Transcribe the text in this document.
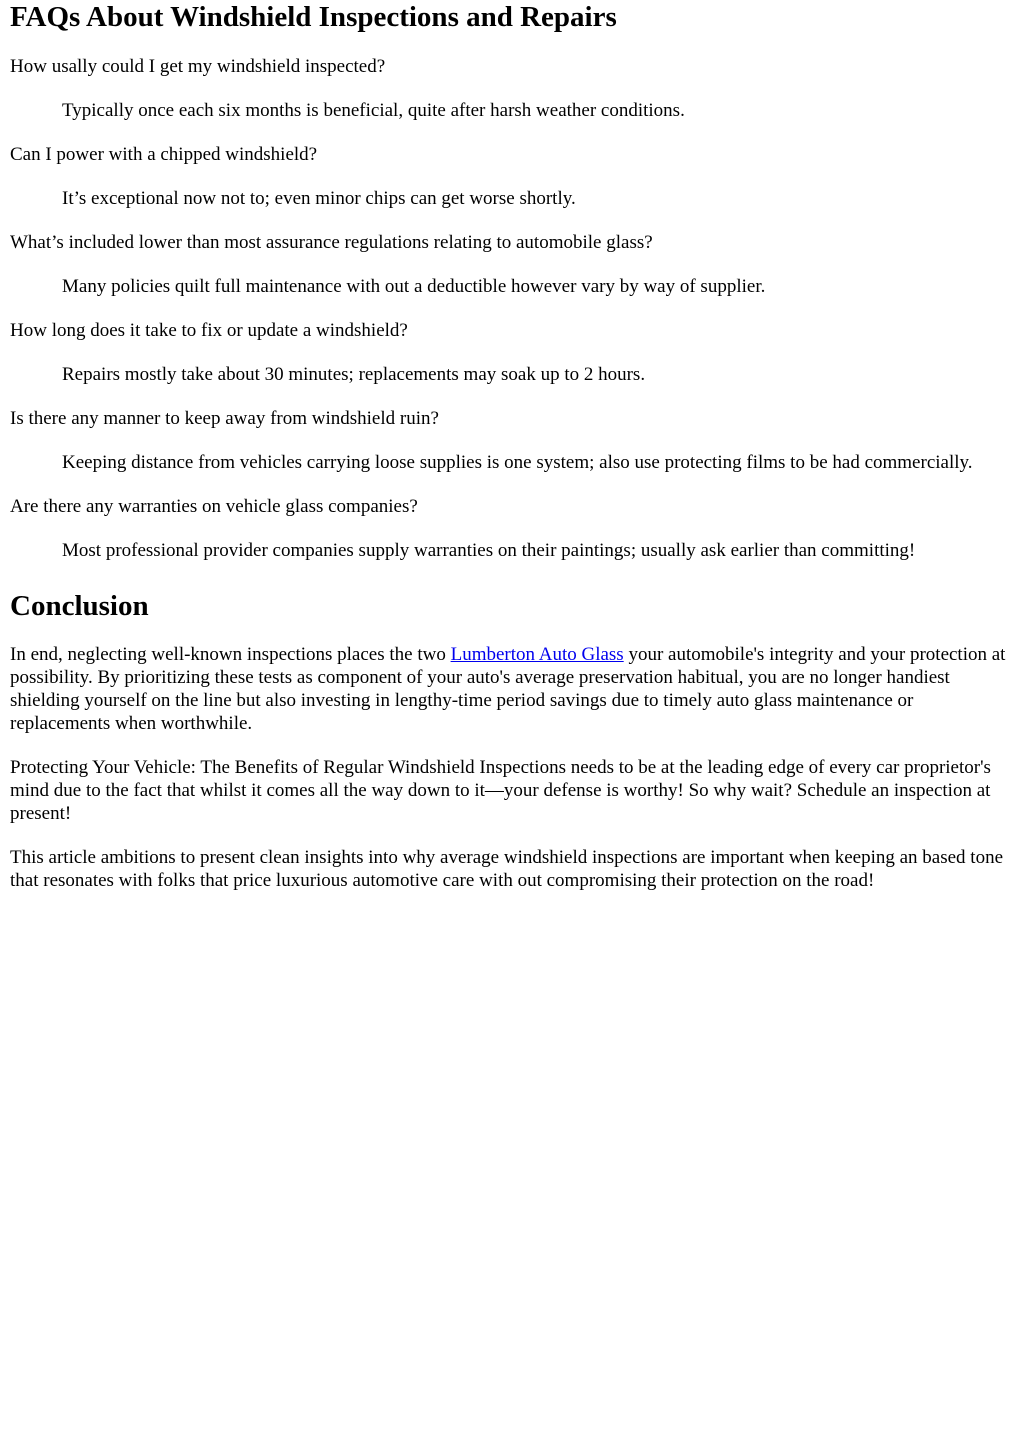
FAQs About Windshield Inspections and Repairs
How usally could I get my windshield inspected?
Typically once each six months is beneficial, quite after harsh weather conditions.
Can I power with a chipped windshield?
It’s exceptional now not to; even minor chips can get worse shortly.
What’s included lower than most assurance regulations relating to automobile glass?
Many policies quilt full maintenance with out a deductible however vary by way of supplier.
How long does it take to fix or update a windshield?
Repairs mostly take about 30 minutes; replacements may soak up to 2 hours.
Is there any manner to keep away from windshield ruin?
Keeping distance from vehicles carrying loose supplies is one system; also use protecting films to be had commercially.
Are there any warranties on vehicle glass companies?
Most professional provider companies supply warranties on their paintings; usually ask earlier than committing!
Conclusion

In end, neglecting well-known inspections places the two Lumberton Auto Glass your automobile's integrity and your protection at possibility. By prioritizing these tests as component of your auto's average preservation habitual, you are no longer handiest shielding yourself on the line but also investing in lengthy-time period savings due to timely auto glass maintenance or replacements when worthwhile.

Protecting Your Vehicle: The Benefits of Regular Windshield Inspections needs to be at the leading edge of every car proprietor's mind due to the fact that whilst it comes all the way down to it—your defense is worthy! So why wait? Schedule an inspection at present!

This article ambitions to present clean insights into why average windshield inspections are important when keeping an based tone that resonates with folks that price luxurious automotive care with out compromising their protection on the road!
